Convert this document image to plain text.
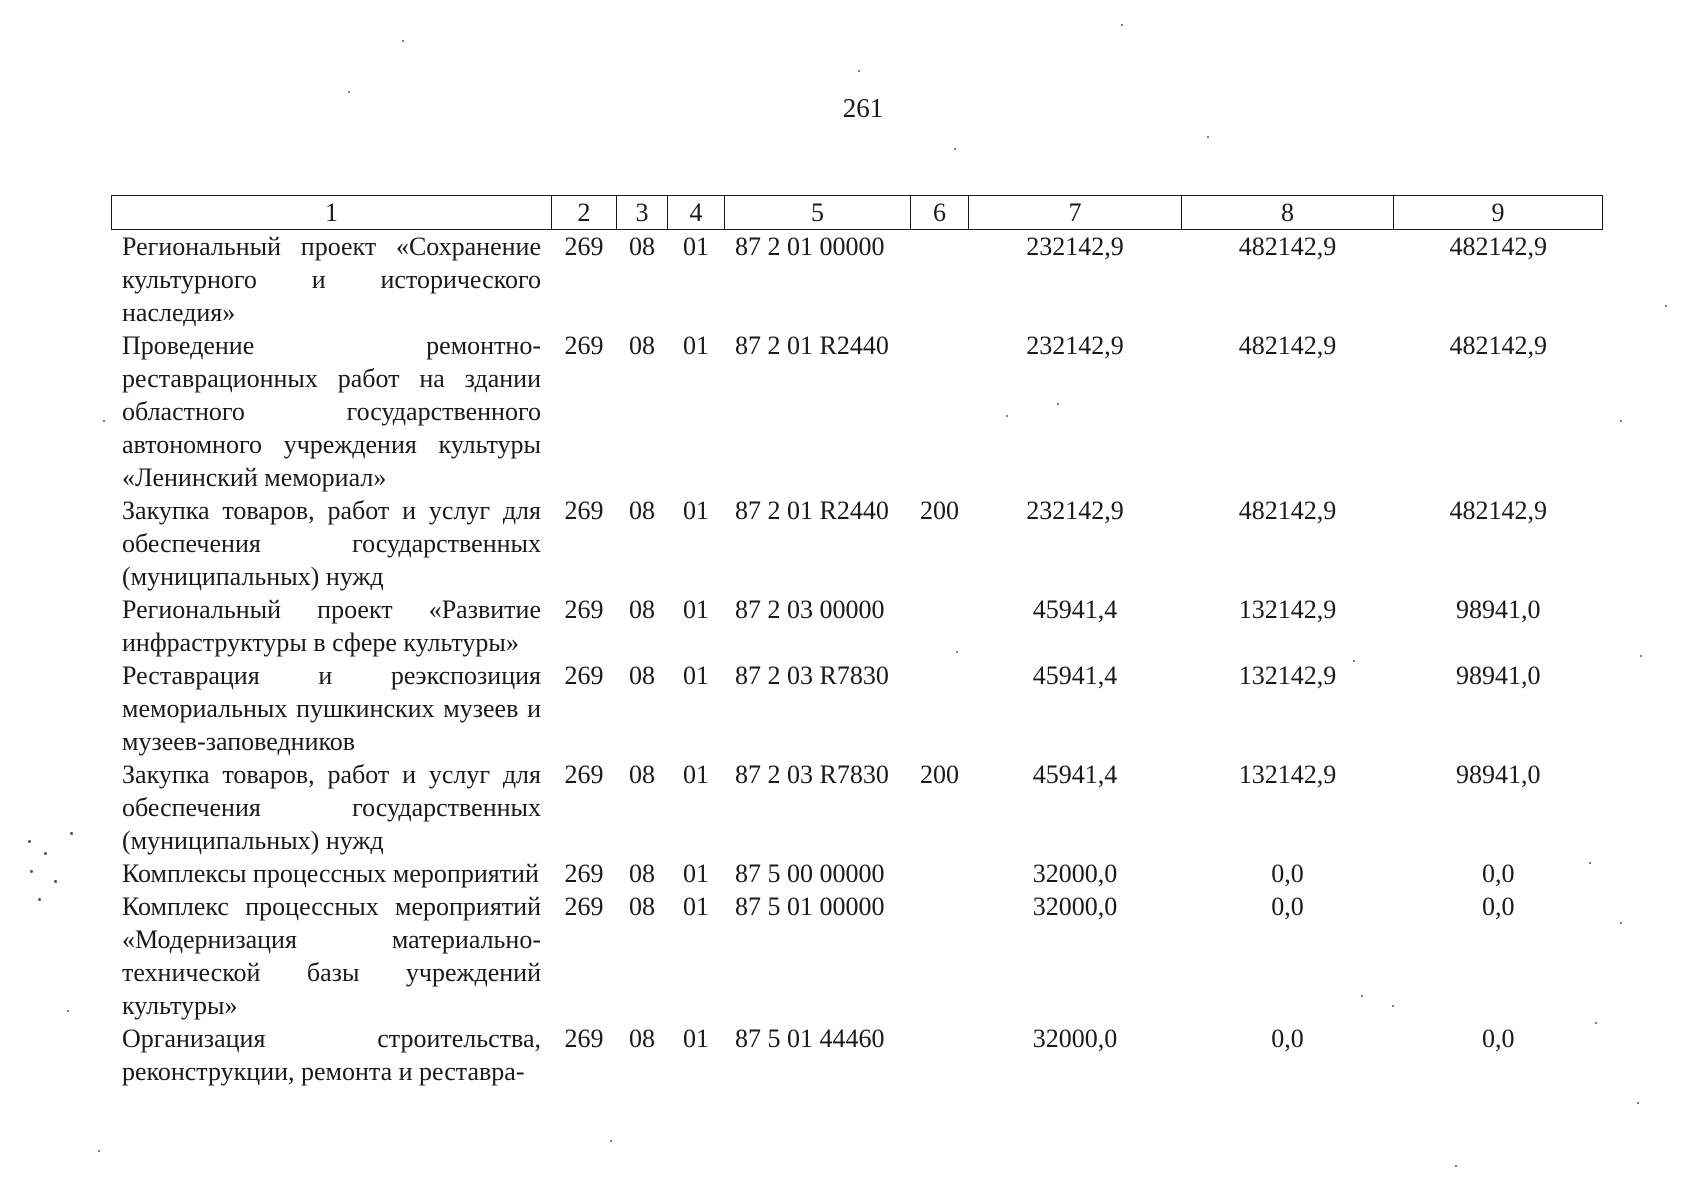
261
1	2	3	4	5	6	7	8	9
Региональный проект «Сохранение культурного и исторического наследия»	269	08	01	87 2 01 00000		232142,9	482142,9	482142,9
Проведение ремонтно-реставрационных работ на здании областного государственного автономного учреждения культуры «Ленинский мемориал»	269	08	01	87 2 01 R2440		232142,9	482142,9	482142,9
Закупка товаров, работ и услуг для обеспечения государственных (муниципальных) нужд	269	08	01	87 2 01 R2440	200	232142,9	482142,9	482142,9
Региональный проект «Развитие инфраструктуры в сфере культуры»	269	08	01	87 2 03 00000		45941,4	132142,9	98941,0
Реставрация и реэкспозиция мемориальных пушкинских музеев и музеев-заповедников	269	08	01	87 2 03 R7830		45941,4	132142,9	98941,0
Закупка товаров, работ и услуг для обеспечения государственных (муниципальных) нужд	269	08	01	87 2 03 R7830	200	45941,4	132142,9	98941,0
Комплексы процессных мероприятий	269	08	01	87 5 00 00000		32000,0	0,0	0,0
Комплекс процессных мероприятий «Модернизация материально-технической базы учреждений культуры»	269	08	01	87 5 01 00000		32000,0	0,0	0,0
Организация строительства, реконструкции, ремонта и реставра-	269	08	01	87 5 01 44460		32000,0	0,0	0,0
